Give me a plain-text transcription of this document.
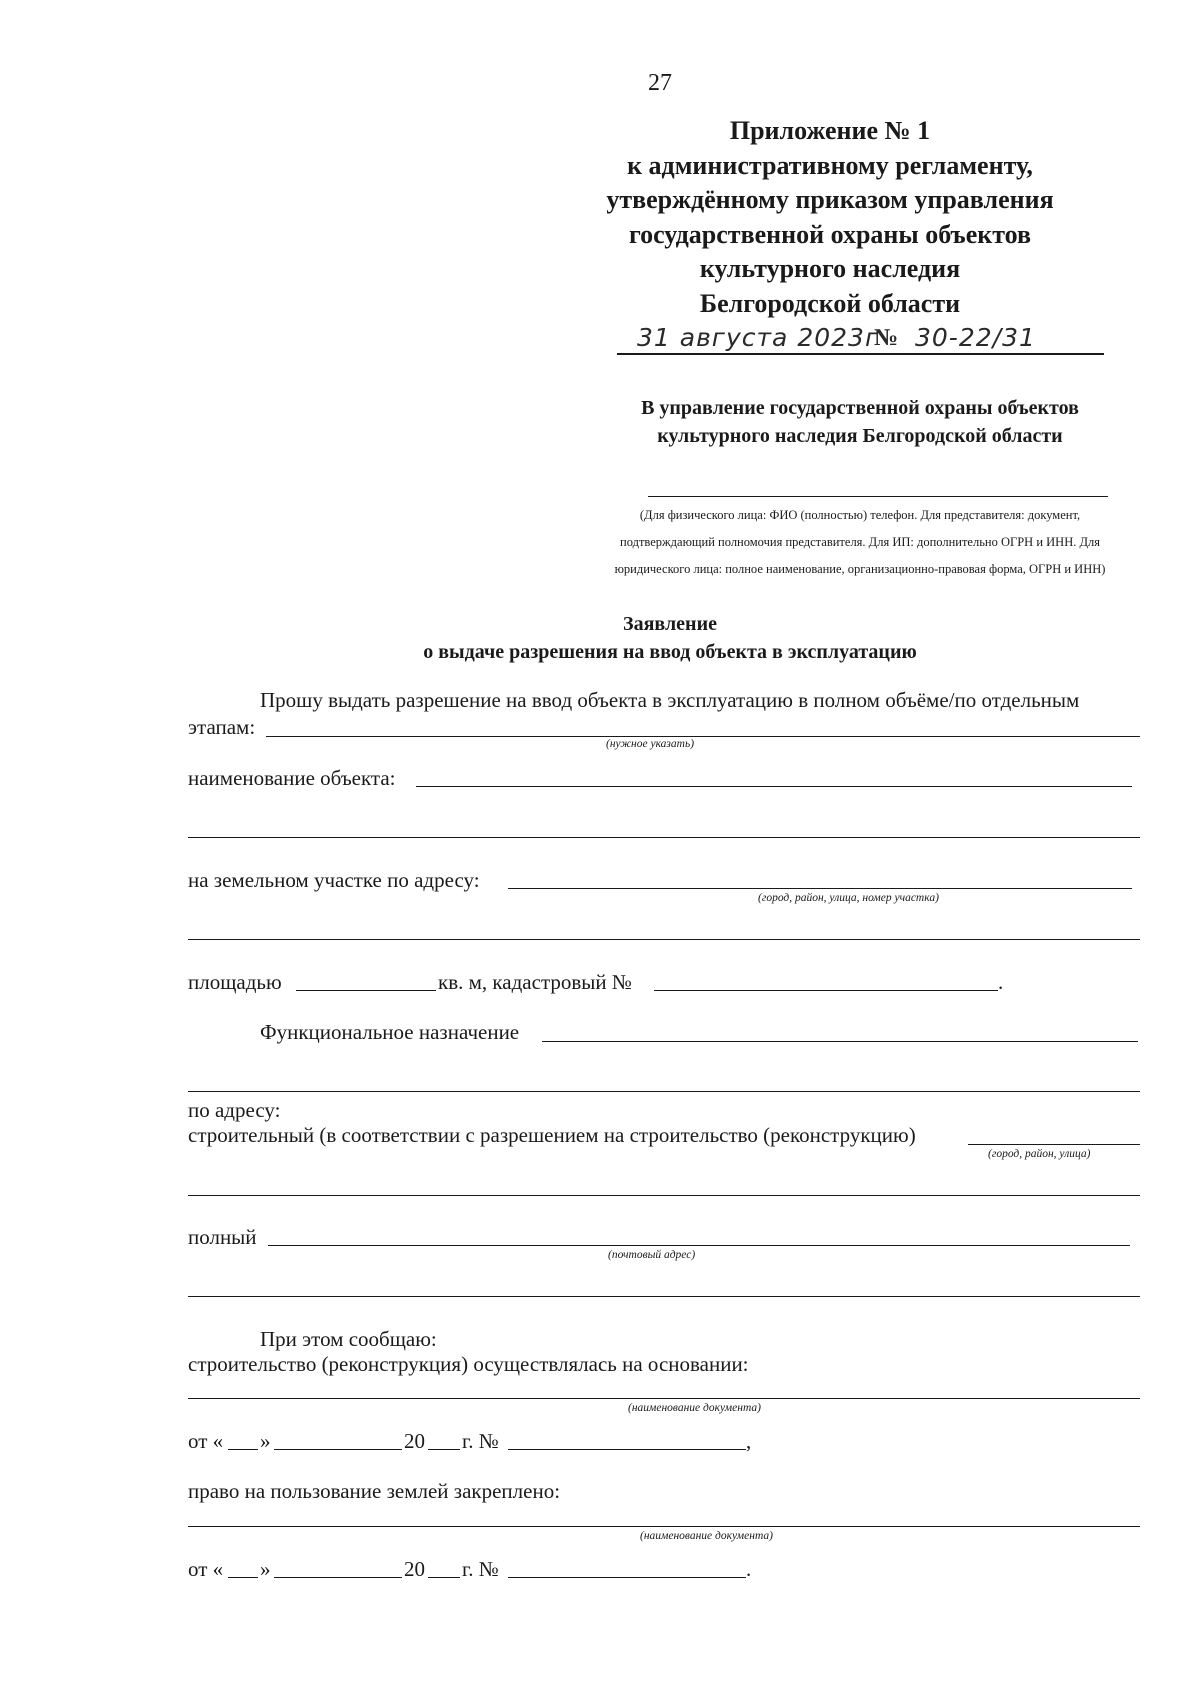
27
Приложение № 1
к административному регламенту,
утверждённому приказом управления
государственной охраны объектов
культурного наследия
Белгородской области
31 августа 2023г
№ 30-22/31
В управление государственной охраны объектов
культурного наследия Белгородской области
(Для физического лица: ФИО (полностью) телефон. Для представителя: документ,
подтверждающий полномочия представителя. Для ИП: дополнительно ОГРН и ИНН. Для
юридического лица: полное наименование, организационно-правовая форма, ОГРН и ИНН)
Заявление
о выдаче разрешения на ввод объекта в эксплуатацию
Прошу выдать разрешение на ввод объекта в эксплуатацию в полном объёме/по отдельным
этапам:
(нужное указать)
наименование объекта:
на земельном участке по адресу:
(город, район, улица, номер участка)
площадью	кв. м, кадастровый №	.
Функциональное назначение
по адресу:
строительный (в соответствии с разрешением на строительство (реконструкцию)
(город, район, улица)
полный
(почтовый адрес)
При этом сообщаю:
строительство (реконструкция) осуществлялась на основании:
(наименование документа)
от « »	20 г. №	,
право на пользование землей закреплено:
(наименование документа)
от « »	20 г. №	.
